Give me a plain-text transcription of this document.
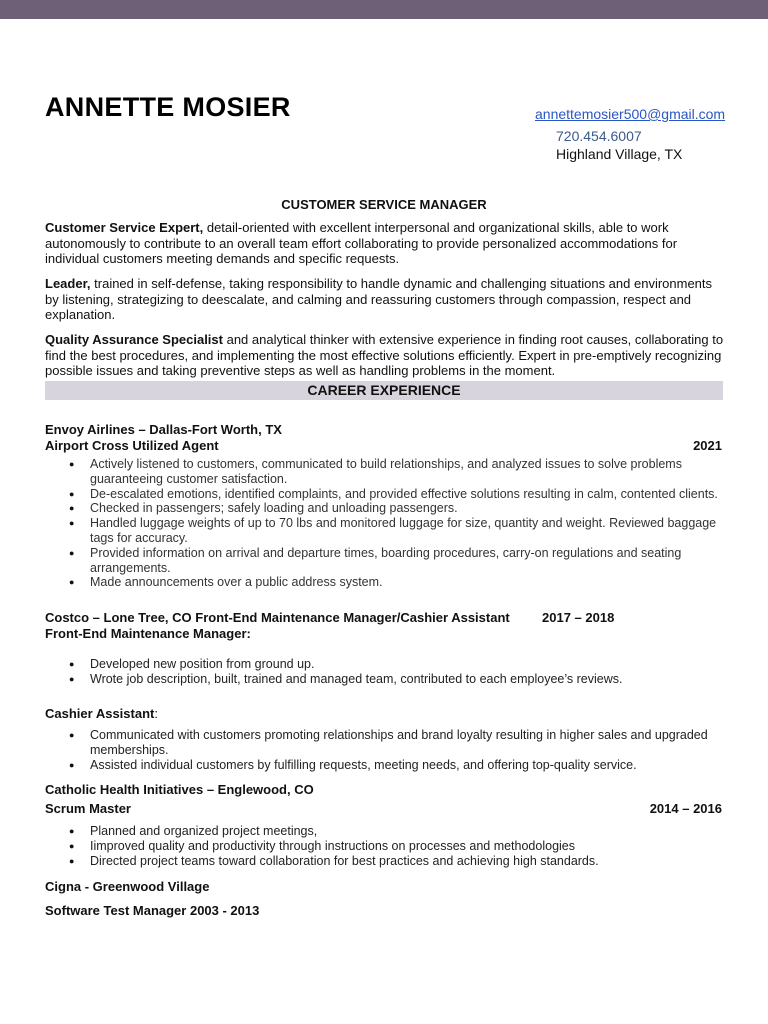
ANNETTE MOSIER	annettemosier500@gmail.com
720.454.6007
Highland Village, TX
CUSTOMER SERVICE MANAGER

Customer Service Expert, detail-oriented with excellent interpersonal and organizational skills, able to work autonomously to contribute to an overall team effort collaborating to provide personalized accommodations for individual customers meeting demands and specific requests.

Leader, trained in self-defense, taking responsibility to handle dynamic and challenging situations and environments by listening, strategizing to deescalate, and calming and reassuring customers through compassion, respect and explanation.

Quality Assurance Specialist and analytical thinker with extensive experience in finding root causes, collaborating to find the best procedures, and implementing the most effective solutions efficiently. Expert in pre-emptively recognizing possible issues and taking preventive steps as well as handling problems in the moment.

CAREER EXPERIENCE
Envoy Airlines – Dallas-Fort Worth, TX
Airport Cross Utilized Agent	2021
● Actively listened to customers, communicated to build relationships, and analyzed issues to solve problems guaranteeing customer satisfaction.
● De-escalated emotions, identified complaints, and provided effective solutions resulting in calm, contented clients.
● Checked in passengers; safely loading and unloading passengers.
● Handled luggage weights of up to 70 lbs and monitored luggage for size, quantity and weight. Reviewed baggage tags for accuracy.
● Provided information on arrival and departure times, boarding procedures, carry-on regulations and seating arrangements.
● Made announcements over a public address system.
Costco – Lone Tree, CO Front-End Maintenance Manager/Cashier Assistant 2017 – 2018
Front-End Maintenance Manager:
● Developed new position from ground up.
● Wrote job description, built, trained and managed team, contributed to each employee’s reviews.
Cashier Assistant:
● Communicated with customers promoting relationships and brand loyalty resulting in higher sales and upgraded memberships.
● Assisted individual customers by fulfilling requests, meeting needs, and offering top-quality service.
Catholic Health Initiatives – Englewood, CO
Scrum Master	2014 – 2016
● Planned and organized project meetings,
● Iimproved quality and productivity through instructions on processes and methodologies
● Directed project teams toward collaboration for best practices and achieving high standards.
Cigna - Greenwood Village
Software Test Manager 2003 - 2013
